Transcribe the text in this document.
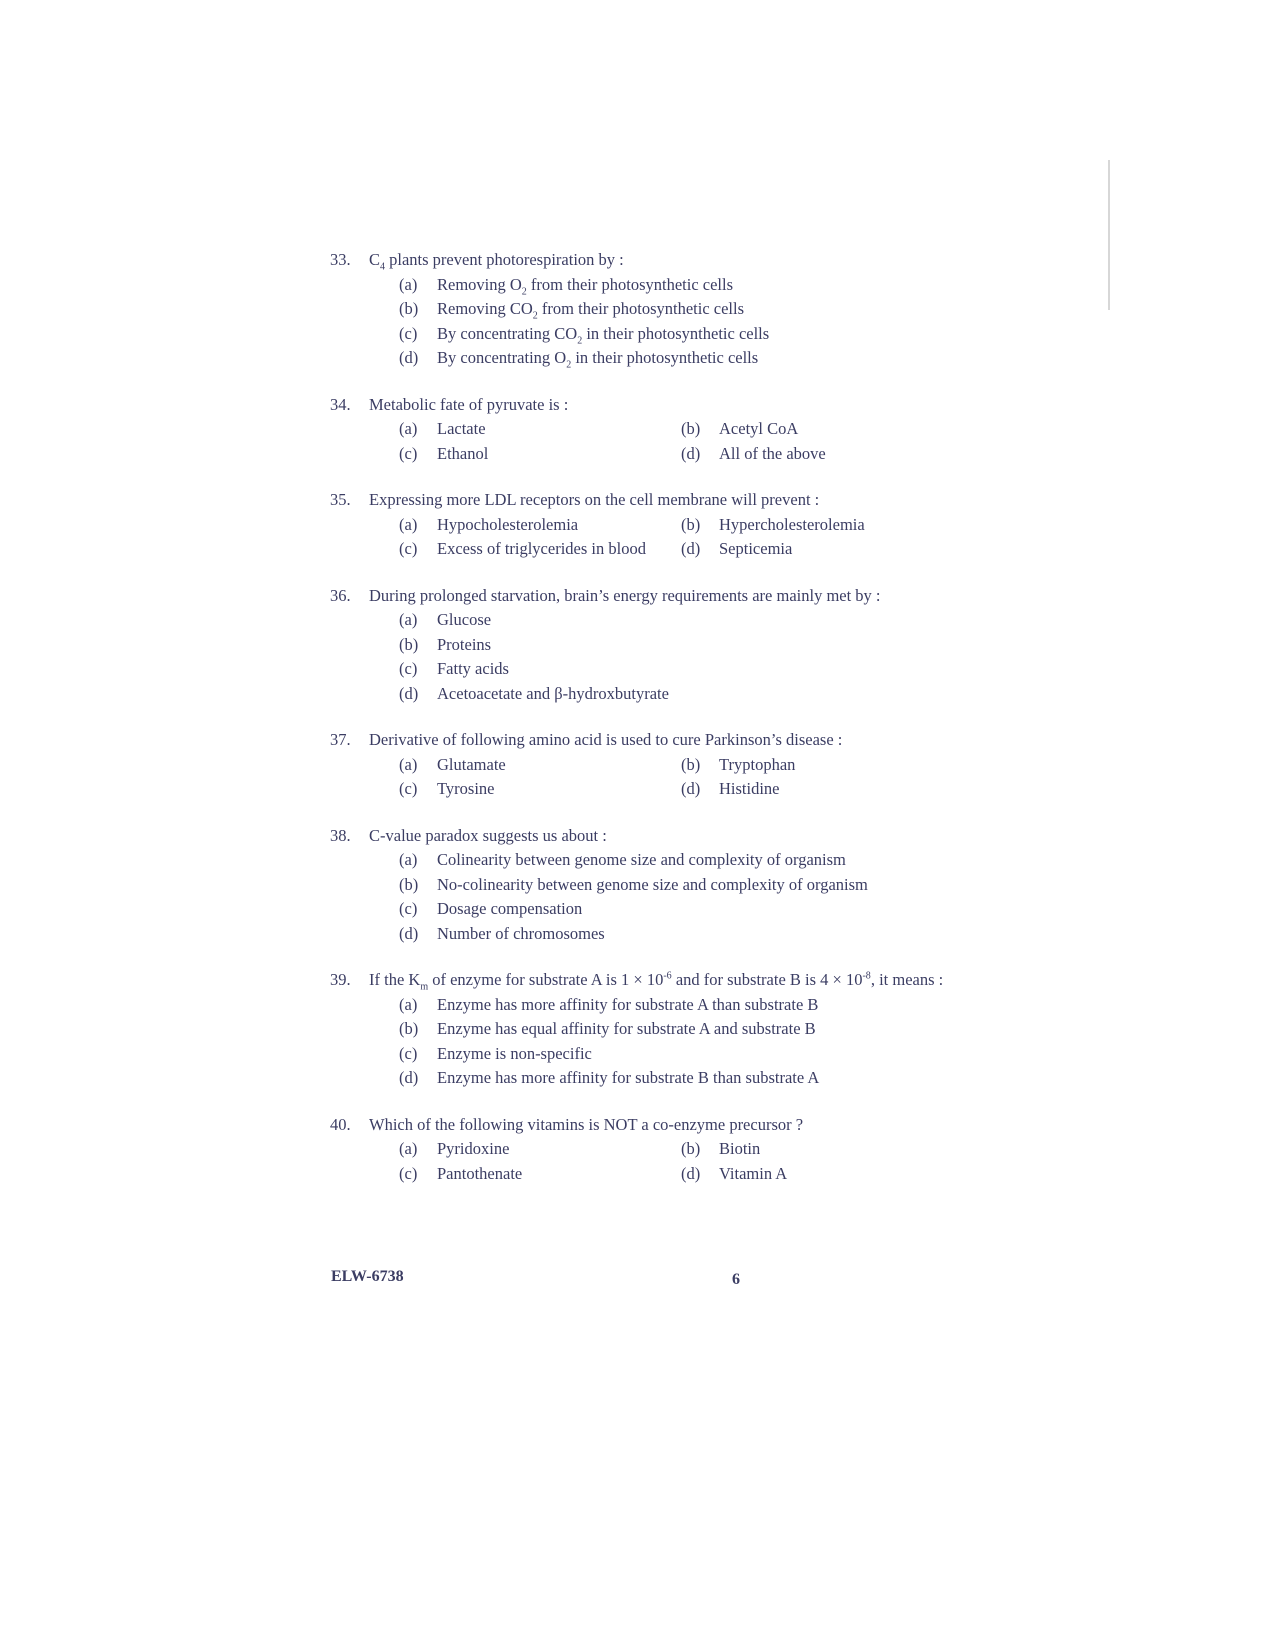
33. $C_4$ plants prevent photorespiration by :
(a) Removing $O_2$ from their photosynthetic cells
(b) Removing $CO_2$ from their photosynthetic cells
(c) By concentrating $CO_2$ in their photosynthetic cells
(d) By concentrating $O_2$ in their photosynthetic cells
34. Metabolic fate of pyruvate is :
(a) Lactate	(b) Acetyl CoA
(c) Ethanol	(d) All of the above
35. Expressing more LDL receptors on the cell membrane will prevent :
(a) Hypocholesterolemia	(b) Hypercholesterolemia
(c) Excess of triglycerides in blood	(d) Septicemia
36. During prolonged starvation, brain’s energy requirements are mainly met by :
(a) Glucose
(b) Proteins
(c) Fatty acids
(d) Acetoacetate and β-hydroxbutyrate
37. Derivative of following amino acid is used to cure Parkinson’s disease :
(a) Glutamate	(b) Tryptophan
(c) Tyrosine	(d) Histidine
38. C-value paradox suggests us about :
(a) Colinearity between genome size and complexity of organism
(b) No-colinearity between genome size and complexity of organism
(c) Dosage compensation
(d) Number of chromosomes
39. If the $K_m$ of enzyme for substrate A is $1 \times 10^{-6}$ and for substrate B is $4 \times 10^{-8}$, it means :
(a) Enzyme has more affinity for substrate A than substrate B
(b) Enzyme has equal affinity for substrate A and substrate B
(c) Enzyme is non-specific
(d) Enzyme has more affinity for substrate B than substrate A
40. Which of the following vitamins is NOT a co-enzyme precursor ?
(a) Pyridoxine	(b) Biotin
(c) Pantothenate	(d) Vitamin A
ELW-6738	6
